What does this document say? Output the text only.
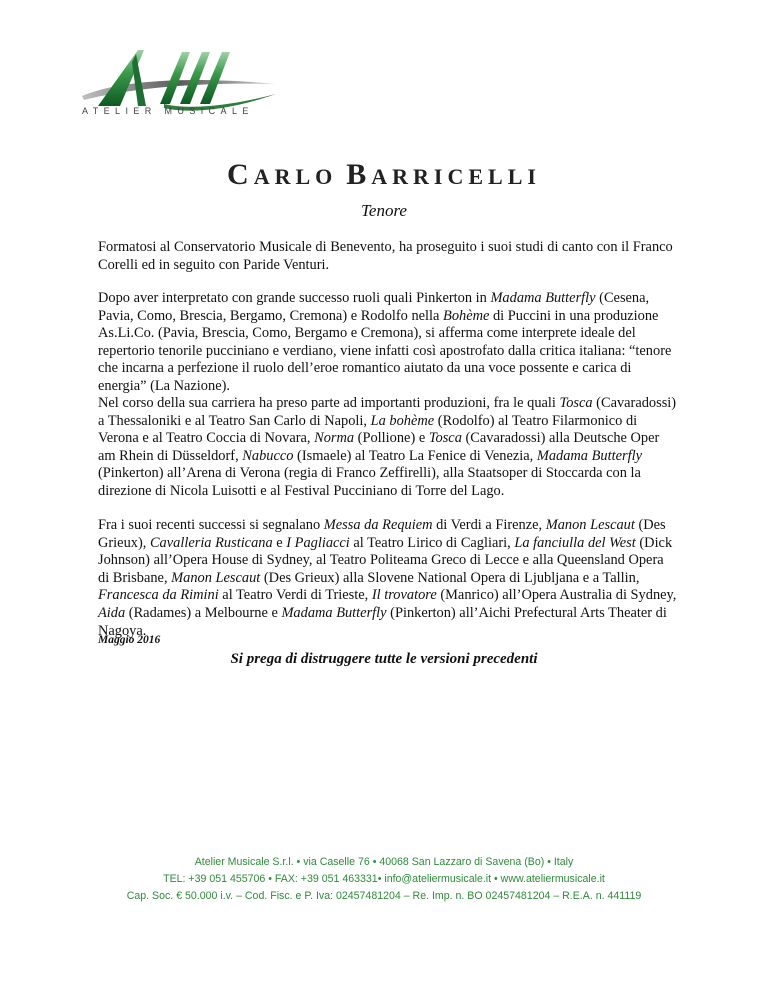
ATELIER MUSICALE
CARLO BARRICELLI
Tenore

Formatosi al Conservatorio Musicale di Benevento, ha proseguito i suoi studi di canto con il Franco Corelli ed in seguito con Paride Venturi.

Dopo aver interpretato con grande successo ruoli quali Pinkerton in Madama Butterfly (Cesena, Pavia, Como, Brescia, Bergamo, Cremona) e Rodolfo nella Bohème di Puccini in una produzione As.Li.Co. (Pavia, Brescia, Como, Bergamo e Cremona), si afferma come interprete ideale del repertorio tenorile pucciniano e verdiano, viene infatti così apostrofato dalla critica italiana: “tenore che incarna a perfezione il ruolo dell’eroe romantico aiutato da una voce possente e carica di energia” (La Nazione).

Nel corso della sua carriera ha preso parte ad importanti produzioni, fra le quali Tosca (Cavaradossi) a Thessaloniki e al Teatro San Carlo di Napoli, La bohème (Rodolfo) al Teatro Filarmonico di Verona e al Teatro Coccia di Novara, Norma (Pollione) e Tosca (Cavaradossi) alla Deutsche Oper am Rhein di Düsseldorf, Nabucco (Ismaele) al Teatro La Fenice di Venezia, Madama Butterfly (Pinkerton) all’Arena di Verona (regia di Franco Zeffirelli), alla Staatsoper di Stoccarda con la direzione di Nicola Luisotti e al Festival Pucciniano di Torre del Lago.

Fra i suoi recenti successi si segnalano Messa da Requiem di Verdi a Firenze, Manon Lescaut (Des Grieux), Cavalleria Rusticana e I Pagliacci al Teatro Lirico di Cagliari, La fanciulla del West (Dick Johnson) all’Opera House di Sydney, al Teatro Politeama Greco di Lecce e alla Queensland Opera di Brisbane, Manon Lescaut (Des Grieux) alla Slovene National Opera di Ljubljana e a Tallin, Francesca da Rimini al Teatro Verdi di Trieste, Il trovatore (Manrico) all’Opera Australia di Sydney, Aida (Radames) a Melbourne e Madama Butterfly (Pinkerton) all’Aichi Prefectural Arts Theater di Nagoya.

Maggio 2016
Si prega di distruggere tutte le versioni precedenti
Atelier Musicale S.r.l. • via Caselle 76 • 40068 San Lazzaro di Savena (Bo) • Italy
TEL: +39 051 455706 • FAX: +39 051 463331• info@ateliermusicale.it • www.ateliermusicale.it
Cap. Soc. € 50.000 i.v. – Cod. Fisc. e P. Iva: 02457481204 – Re. Imp. n. BO 02457481204 – R.E.A. n. 441119
